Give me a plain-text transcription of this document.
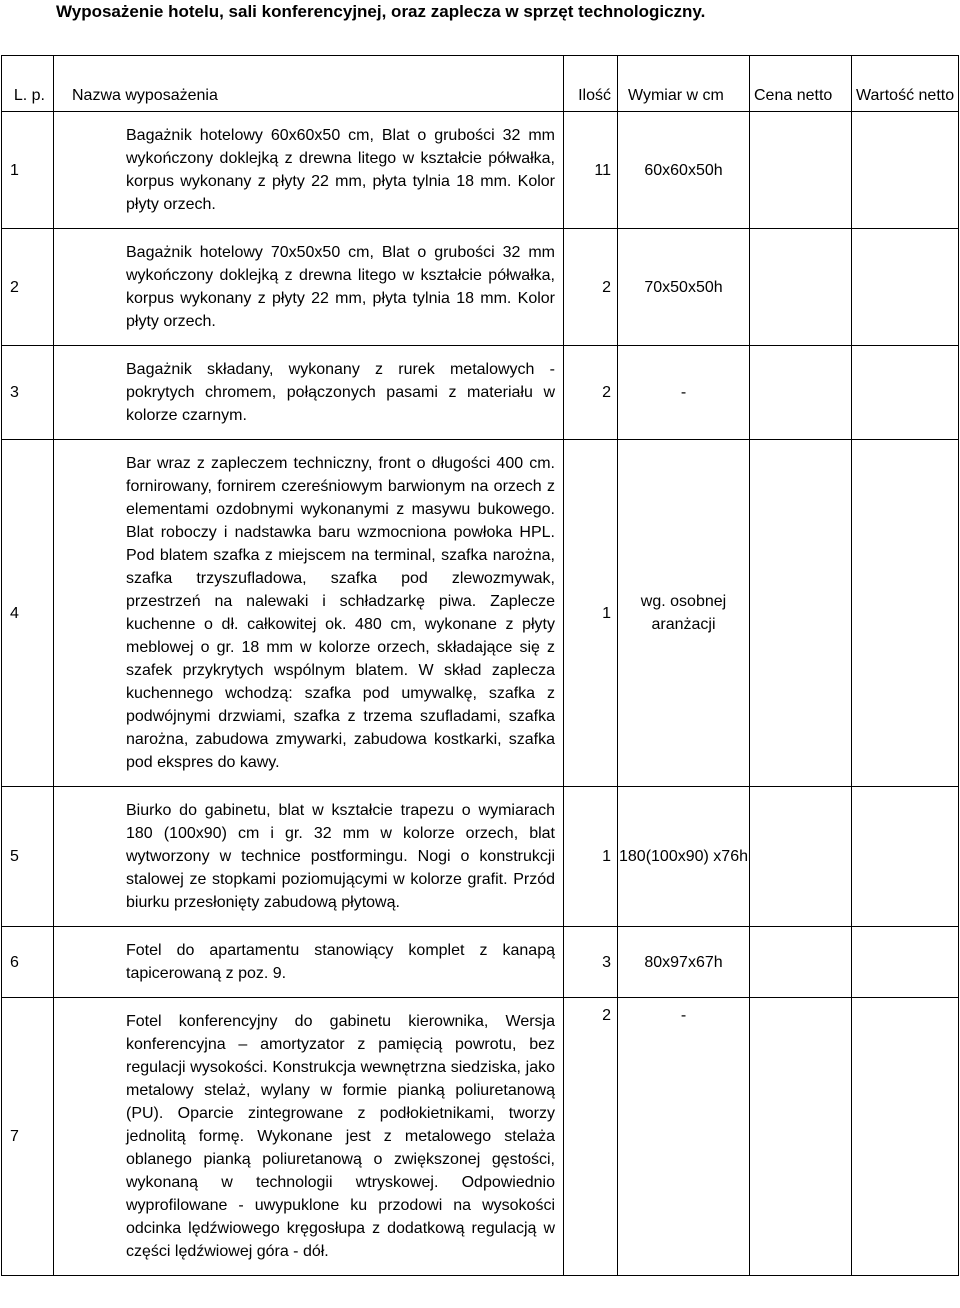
Wyposażenie hotelu, sali konferencyjnej, oraz zaplecza w sprzęt technologiczny.
L. p.	Nazwa wyposażenia	Ilość	Wymiar w cm	Cena netto	Wartość netto
1	Bagażnik hotelowy 60x60x50 cm, Blat o grubości 32 mm wykończony doklejką z drewna litego w kształcie półwałka, korpus wykonany z płyty 22 mm, płyta tylnia 18 mm. Kolor płyty orzech.	11	60x60x50h		
2	Bagażnik hotelowy 70x50x50 cm, Blat o grubości 32 mm wykończony doklejką z drewna litego w kształcie półwałka, korpus wykonany z płyty 22 mm, płyta tylnia 18 mm. Kolor płyty orzech.	2	70x50x50h		
3	Bagażnik składany, wykonany z rurek metalowych - pokrytych chromem, połączonych pasami z materiału w kolorze czarnym.	2	-		
4	Bar wraz z zapleczem techniczny, front o długości 400 cm. fornirowany, fornirem czereśniowym barwionym na orzech z elementami ozdobnymi wykonanymi z masywu bukowego. Blat roboczy i nadstawka baru wzmocniona powłoka HPL. Pod blatem szafka z miejscem na terminal, szafka narożna, szafka trzyszufladowa, szafka pod zlewozmywak, przestrzeń na nalewaki i schładzarkę piwa. Zaplecze kuchenne o dł. całkowitej ok. 480 cm, wykonane z płyty meblowej o gr. 18 mm w kolorze orzech, składające się z szafek przykrytych wspólnym blatem. W skład zaplecza kuchennego wchodzą: szafka pod umywalkę, szafka z podwójnymi drzwiami, szafka z trzema szufladami, szafka narożna, zabudowa zmywarki, zabudowa kostkarki, szafka pod ekspres do kawy.	1	wg. osobnej aranżacji		
5	Biurko do gabinetu, blat w kształcie trapezu o wymiarach 180 (100x90) cm i gr. 32 mm w kolorze orzech, blat wytworzony w technice postformingu. Nogi o konstrukcji stalowej ze stopkami poziomującymi w kolorze grafit. Przód biurku przesłonięty zabudową płytową.	1	180(100x90) x76h		
6	Fotel do apartamentu stanowiący komplet z kanapą tapicerowaną z poz. 9.	3	80x97x67h		
7	Fotel konferencyjny do gabinetu kierownika, Wersja konferencyjna – amortyzator z pamięcią powrotu, bez regulacji wysokości. Konstrukcja wewnętrzna siedziska, jako metalowy stelaż, wylany w formie pianką poliuretanową (PU). Oparcie zintegrowane z podłokietnikami, tworzy jednolitą formę. Wykonane jest z metalowego stelaża oblanego pianką poliuretanową o zwiększonej gęstości, wykonaną w technologii wtryskowej. Odpowiednio wyprofilowane - uwypuklone ku przodowi na wysokości odcinka lędźwiowego kręgosłupa z dodatkową regulacją w części lędźwiowej góra - dół.	2	-		
